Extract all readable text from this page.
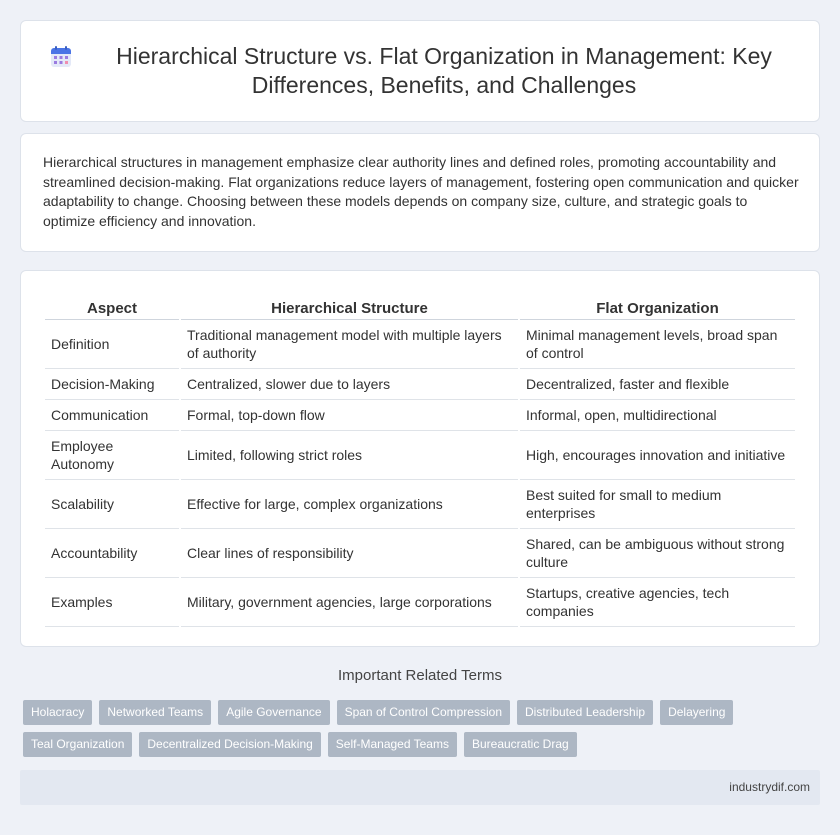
Hierarchical Structure vs. Flat Organization in Management: Key Differences, Benefits, and Challenges

Hierarchical structures in management emphasize clear authority lines and defined roles, promoting accountability and streamlined decision-making. Flat organizations reduce layers of management, fostering open communication and quicker adaptability to change. Choosing between these models depends on company size, culture, and strategic goals to optimize efficiency and innovation.

Aspect	Hierarchical Structure	Flat Organization
Definition	Traditional management model with multiple layers of authority	Minimal management levels, broad span of control
Decision-Making	Centralized, slower due to layers	Decentralized, faster and flexible
Communication	Formal, top-down flow	Informal, open, multidirectional
Employee Autonomy	Limited, following strict roles	High, encourages innovation and initiative
Scalability	Effective for large, complex organizations	Best suited for small to medium enterprises
Accountability	Clear lines of responsibility	Shared, can be ambiguous without strong culture
Examples	Military, government agencies, large corporations	Startups, creative agencies, tech companies
Important Related Terms
Holacracy	Networked Teams	Agile Governance	Span of Control Compression	Distributed Leadership	Delayering
Teal Organization	Decentralized Decision-Making	Self-Managed Teams	Bureaucratic Drag
industrydif.com
